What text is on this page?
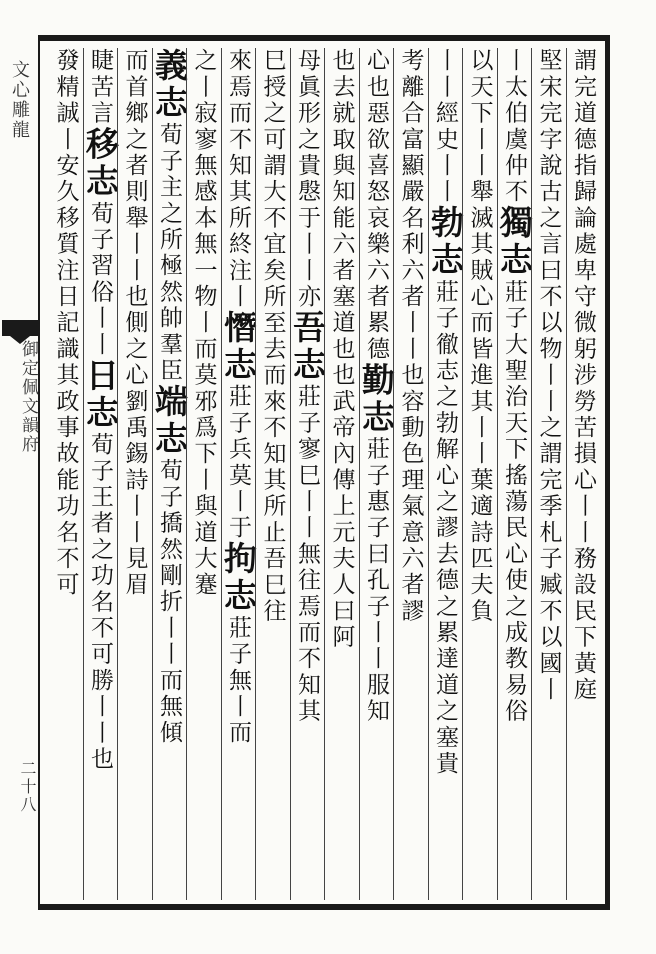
文心雕龍
御定佩文韻府
二十八
謂完道德指歸論處卑守微躬涉勞苦損心丨丨務設民下黃庭
堅宋完字說古之言曰不以物丨丨之謂完季札子臧不以國丨
丨太伯虞仲不獨志莊子大聖治天下搖蕩民心使之成教易俗
以天下丨丨舉滅其賊心而皆進其丨丨葉適詩匹夫負
丨丨經史丨丨勃志莊子徹志之勃解心之謬去德之累達道之塞貴
考離合富顯嚴名利六者丨丨也容動色理氣意六者謬
心也惡欲喜怒哀樂六者累德勤志莊子惠子曰孔子丨丨服知
也去就取與知能六者塞道也也武帝內傳上元夫人曰阿
母眞形之貴慇于丨丨亦吾志莊子寥巳丨丨無往焉而不知其
巳授之可謂大不宜矣所至去而來不知其所止吾巳往
來焉而不知其所終注丨憯志莊子兵莫丨于拘志莊子無丨而
之丨寂寥無感本無一物丨而莫邪爲下丨與道大蹇
義志荀子主之所極然帥羣臣端志荀子撟然剛折丨丨而無傾
而首鄉之者則舉丨丨也側之心劉禹錫詩丨丨見眉
睫苦言移志荀子習俗丨丨日志荀子王者之功名不可勝丨丨也
發精誠丨安久移質注日記識其政事故能功名不可
